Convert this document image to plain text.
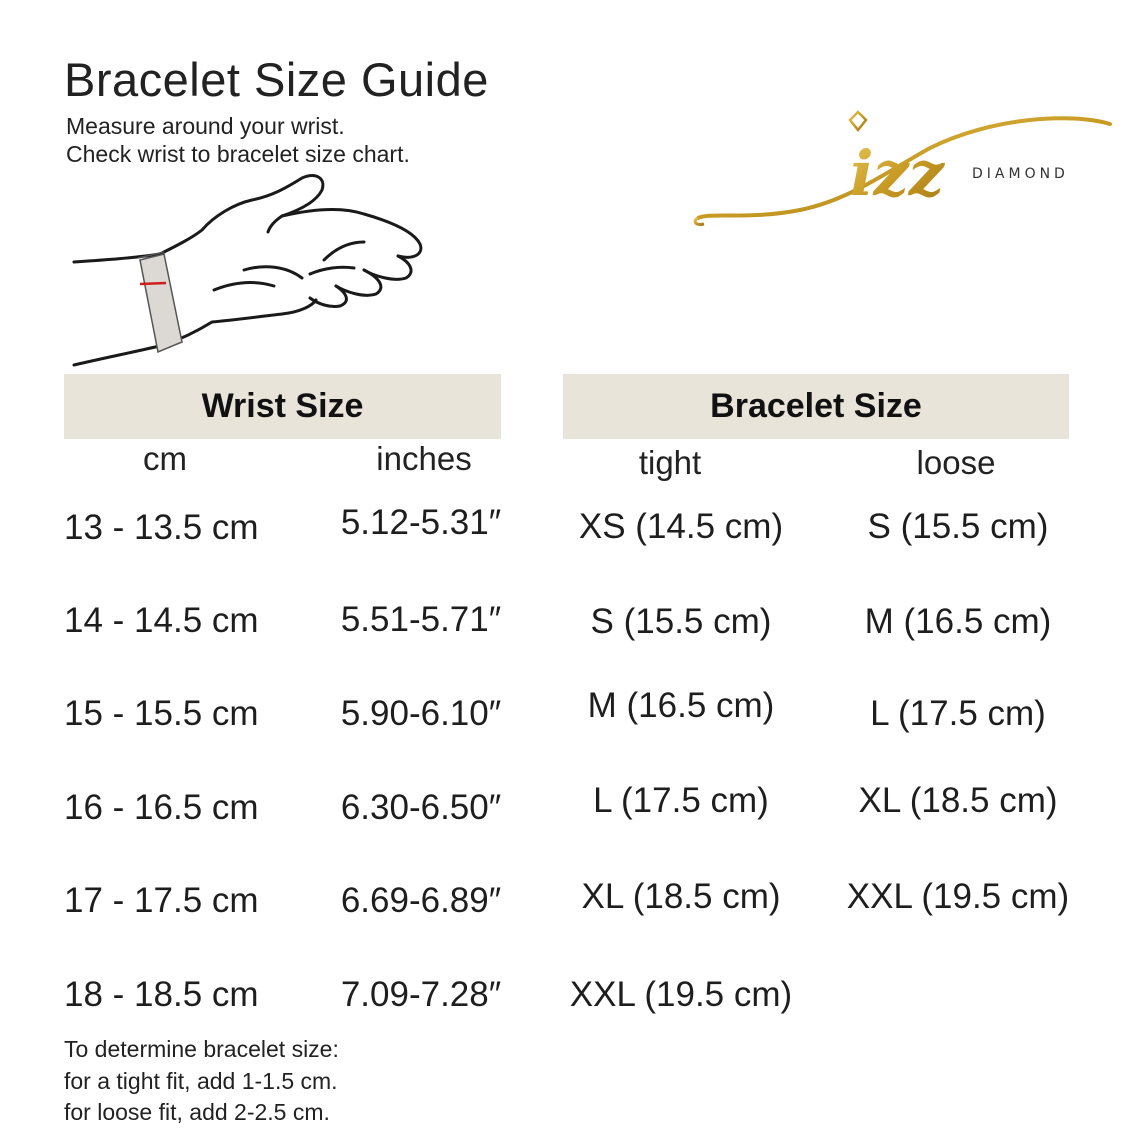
Bracelet Size Guide
Measure around your wrist.
Check wrist to bracelet size chart.	izz DIAMOND
Wrist Size	Bracelet Size
cm	inches	tight	loose
13 - 13.5 cm	5.12-5.31″	XS (14.5 cm)	S (15.5 cm)
14 - 14.5 cm	5.51-5.71″	S (15.5 cm)	M (16.5 cm)
15 - 15.5 cm	5.90-6.10″	M (16.5 cm)	L (17.5 cm)
16 - 16.5 cm	6.30-6.50″	L (17.5 cm)	XL (18.5 cm)
17 - 17.5 cm	6.69-6.89″	XL (18.5 cm)	XXL (19.5 cm)
18 - 18.5 cm	7.09-7.28″	XXL (19.5 cm)
To determine bracelet size:
for a tight fit, add 1-1.5 cm.
for loose fit, add 2-2.5 cm.
